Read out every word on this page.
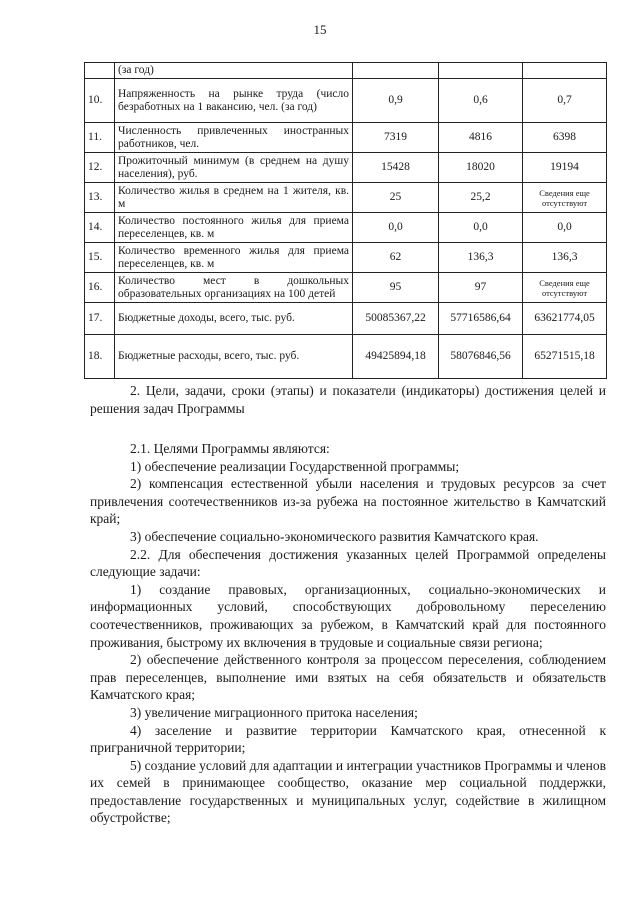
15
	(за год)			
10.	Напряженность на рынке труда (число безработных на 1 вакансию, чел. (за год)	0,9	0,6	0,7
11.	Численность привлеченных иностранных работников, чел.	7319	4816	6398
12.	Прожиточный минимум (в среднем на душу населения), руб.	15428	18020	19194
13.	Количество жилья в среднем на 1 жителя, кв. м	25	25,2	Сведения еще отсутствуют
14.	Количество постоянного жилья для приема переселенцев, кв. м	0,0	0,0	0,0
15.	Количество временного жилья для приема переселенцев, кв. м	62	136,3	136,3
16.	Количество мест в дошкольных образовательных организациях на 100 детей	95	97	Сведения еще отсутствуют
17.	Бюджетные доходы, всего, тыс. руб.	50085367,22	57716586,64	63621774,05
18.	Бюджетные расходы, всего, тыс. руб.	49425894,18	58076846,56	65271515,18
2. Цели, задачи, сроки (этапы) и показатели (индикаторы) достижения целей и решения задач Программы

2.1. Целями Программы являются:

1) обеспечение реализации Государственной программы;

2) компенсация естественной убыли населения и трудовых ресурсов за счет привлечения соотечественников из-за рубежа на постоянное жительство в Камчатский край;

3) обеспечение социально-экономического развития Камчатского края.

2.2. Для обеспечения достижения указанных целей Программой определены следующие задачи:

1) создание правовых, организационных, социально-экономических и информационных условий, способствующих добровольному переселению соотечественников, проживающих за рубежом, в Камчатский край для постоянного проживания, быстрому их включения в трудовые и социальные связи региона;

2) обеспечение действенного контроля за процессом переселения, соблюдением прав переселенцев, выполнение ими взятых на себя обязательств и обязательств Камчатского края;

3) увеличение миграционного притока населения;

4) заселение и развитие территории Камчатского края, отнесенной к приграничной территории;

5) создание условий для адаптации и интеграции участников Программы и членов их семей в принимающее сообщество, оказание мер социальной поддержки, предоставление государственных и муниципальных услуг, содействие в жилищном обустройстве;
